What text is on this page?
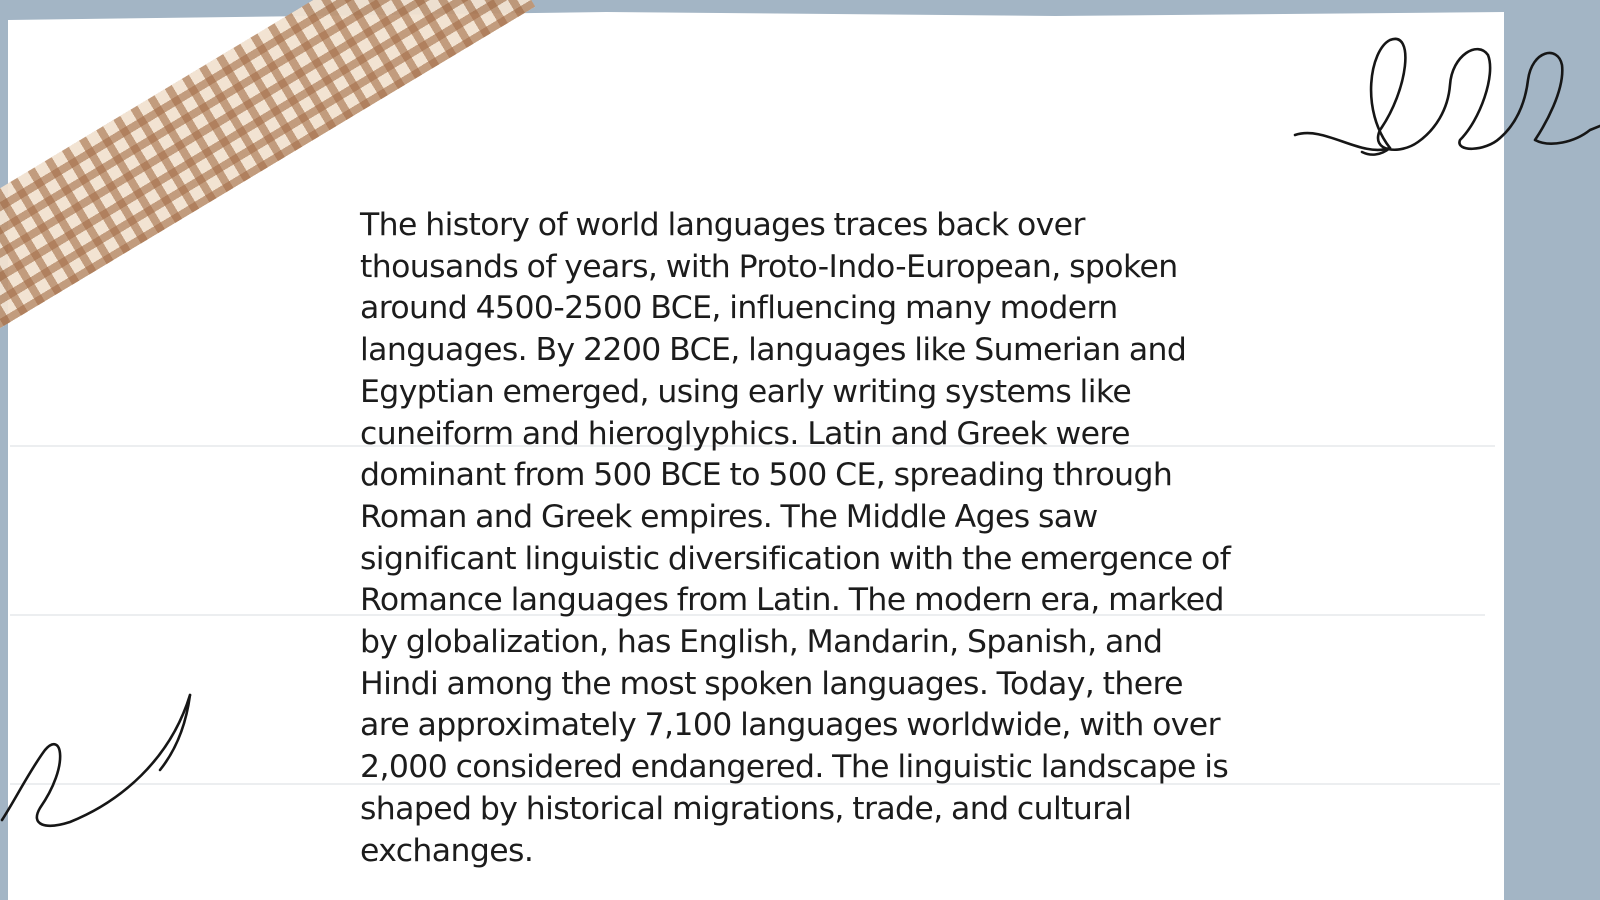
The history of world languages traces back over thousands of years, with Proto-Indo-European, spoken around 4500-2500 BCE, influencing many modern languages. By 2200 BCE, languages like Sumerian and Egyptian emerged, using early writing systems like cuneiform and hieroglyphics. Latin and Greek were dominant from 500 BCE to 500 CE, spreading through Roman and Greek empires. The Middle Ages saw significant linguistic diversification with the emergence of Romance languages from Latin. The modern era, marked by globalization, has English, Mandarin, Spanish, and Hindi among the most spoken languages. Today, there are approximately 7,100 languages worldwide, with over 2,000 considered endangered. The linguistic landscape is shaped by historical migrations, trade, and cultural exchanges.
